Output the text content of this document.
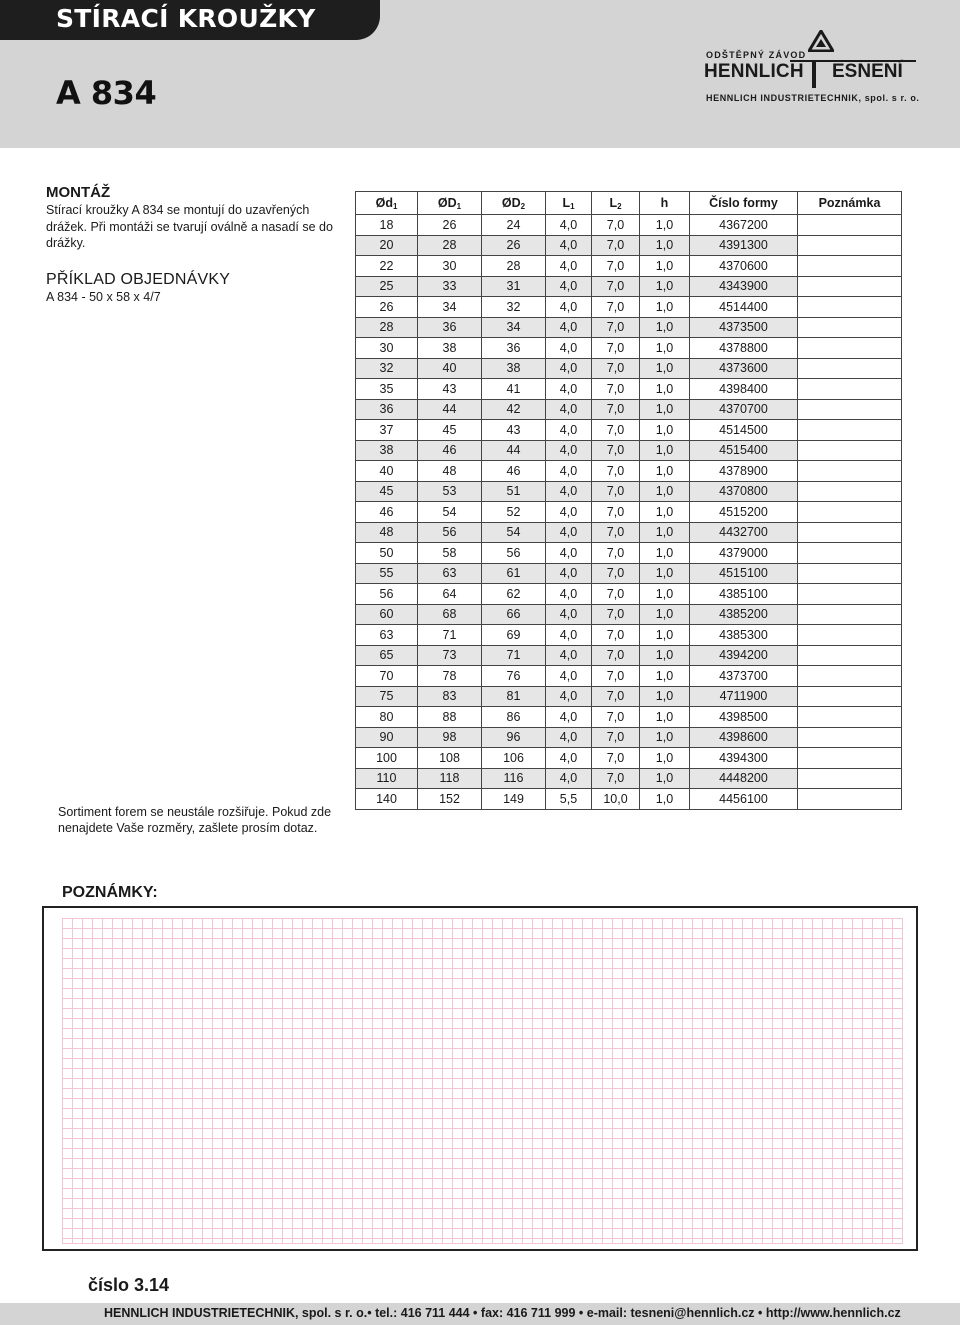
STÍRACÍ KROUŽKY
A 834
ODŠTĚPNÝ ZÁVOD
HENNLICH ESNENÍ
HENNLICH INDUSTRIETECHNIK, spol. s r. o.
MONTÁŽ
Stírací kroužky A 834 se montují do uzavřených drážek. Při montáži se tvarují oválně a nasadí se do drážky.
PŘÍKLAD OBJEDNÁVKY
A 834 - 50 x 58 x 4/7
Sortiment forem se neustále rozšiřuje. Pokud zde nenajdete Vaše rozměry, zašlete prosím dotaz.
$Ød_1$	$ØD_1$	$ØD_2$	$L_1$	$L_2$	h	Číslo formy	Poznámka
18	26	24	4,0	7,0	1,0	4367200	
20	28	26	4,0	7,0	1,0	4391300	
22	30	28	4,0	7,0	1,0	4370600	
25	33	31	4,0	7,0	1,0	4343900	
26	34	32	4,0	7,0	1,0	4514400	
28	36	34	4,0	7,0	1,0	4373500	
30	38	36	4,0	7,0	1,0	4378800	
32	40	38	4,0	7,0	1,0	4373600	
35	43	41	4,0	7,0	1,0	4398400	
36	44	42	4,0	7,0	1,0	4370700	
37	45	43	4,0	7,0	1,0	4514500	
38	46	44	4,0	7,0	1,0	4515400	
40	48	46	4,0	7,0	1,0	4378900	
45	53	51	4,0	7,0	1,0	4370800	
46	54	52	4,0	7,0	1,0	4515200	
48	56	54	4,0	7,0	1,0	4432700	
50	58	56	4,0	7,0	1,0	4379000	
55	63	61	4,0	7,0	1,0	4515100	
56	64	62	4,0	7,0	1,0	4385100	
60	68	66	4,0	7,0	1,0	4385200	
63	71	69	4,0	7,0	1,0	4385300	
65	73	71	4,0	7,0	1,0	4394200	
70	78	76	4,0	7,0	1,0	4373700	
75	83	81	4,0	7,0	1,0	4711900	
80	88	86	4,0	7,0	1,0	4398500	
90	98	96	4,0	7,0	1,0	4398600	
100	108	106	4,0	7,0	1,0	4394300	
110	118	116	4,0	7,0	1,0	4448200	
140	152	149	5,5	10,0	1,0	4456100	
POZNÁMKY:
číslo 3.14
HENNLICH INDUSTRIETECHNIK, spol. s r. o.• tel.: 416 711 444 • fax: 416 711 999 • e-mail: tesneni@hennlich.cz • http://www.hennlich.cz
